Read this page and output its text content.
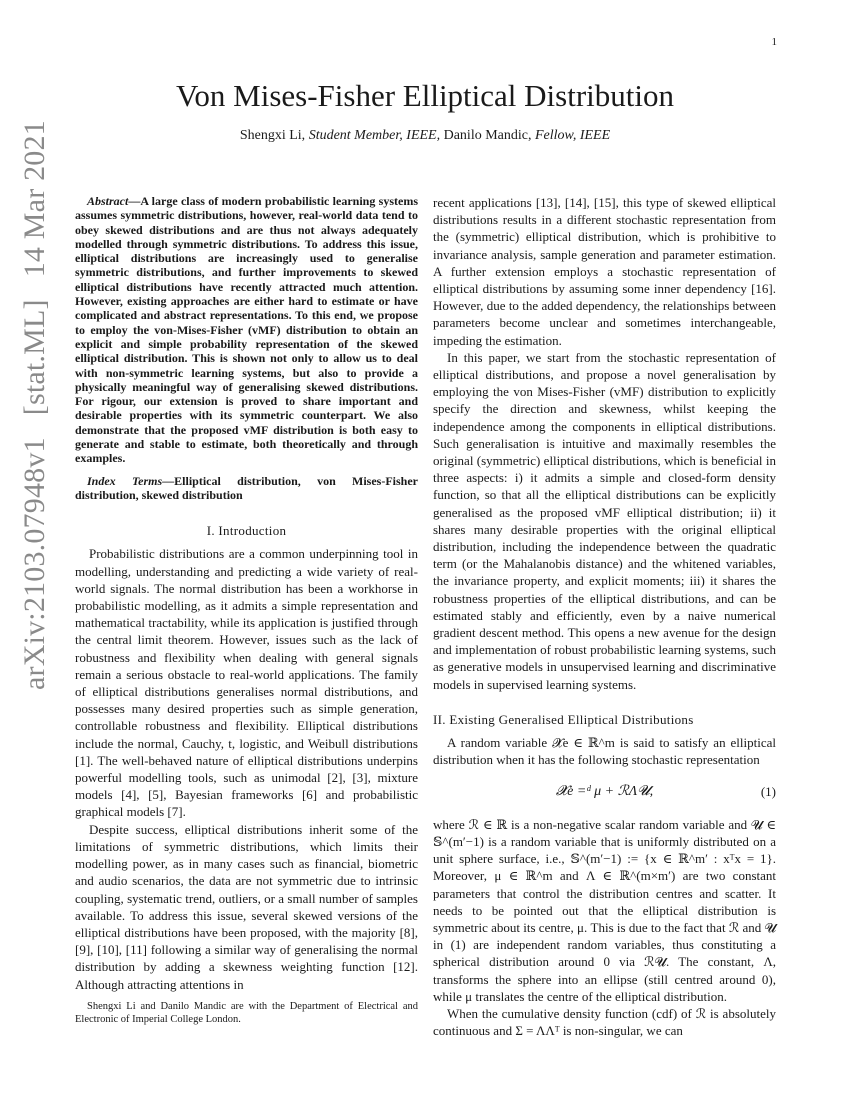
1
arXiv:2103.07948v1[stat.ML]14 Mar 2021
Von Mises-Fisher Elliptical Distribution
Shengxi Li, Student Member, IEEE, Danilo Mandic, Fellow, IEEE

Abstract—A large class of modern probabilistic learning systems assumes symmetric distributions, however, real-world data tend to obey skewed distributions and are thus not always adequately modelled through symmetric distributions. To address this issue, elliptical distributions are increasingly used to generalise symmetric distributions, and further improvements to skewed elliptical distributions have recently attracted much attention. However, existing approaches are either hard to estimate or have complicated and abstract representations. To this end, we propose to employ the von-Mises-Fisher (vMF) distribution to obtain an explicit and simple probability representation of the skewed elliptical distribution. This is shown not only to allow us to deal with non-symmetric learning systems, but also to provide a physically meaningful way of generalising skewed distributions. For rigour, our extension is proved to share important and desirable properties with its symmetric counterpart. We also demonstrate that the proposed vMF distribution is both easy to generate and stable to estimate, both theoretically and through examples.

Index Terms—Elliptical distribution, von Mises-Fisher distribution, skewed distribution

I. Introduction

Probabilistic distributions are a common underpinning tool in modelling, understanding and predicting a wide variety of real-world signals. The normal distribution has been a workhorse in probabilistic modelling, as it admits a simple representation and mathematical tractability, while its application is justified through the central limit theorem. However, issues such as the lack of robustness and flexibility when dealing with general signals remain a serious obstacle to real-world applications. The family of elliptical distributions generalises normal distributions, and possesses many desired properties such as simple generation, controllable robustness and flexibility. Elliptical distributions include the normal, Cauchy, t, logistic, and Weibull distributions [1]. The well-behaved nature of elliptical distributions underpins powerful modelling tools, such as unimodal [2], [3], mixture models [4], [5], Bayesian frameworks [6] and probabilistic graphical models [7].

Despite success, elliptical distributions inherit some of the limitations of symmetric distributions, which limits their modelling power, as in many cases such as financial, biometric and audio scenarios, the data are not symmetric due to intrinsic coupling, systematic trend, outliers, or a small number of samples available. To address this issue, several skewed versions of the elliptical distributions have been proposed, with the majority [8], [9], [10], [11] following a similar way of generalising the normal distribution by adding a skewness weighting function [12]. Although attracting attentions in

recent applications [13], [14], [15], this type of skewed elliptical distributions results in a different stochastic representation from the (symmetric) elliptical distribution, which is prohibitive to invariance analysis, sample generation and parameter estimation. A further extension employs a stochastic representation of elliptical distributions by assuming some inner dependency [16]. However, due to the added dependency, the relationships between parameters become unclear and sometimes interchangeable, impeding the estimation.

In this paper, we start from the stochastic representation of elliptical distributions, and propose a novel generalisation by employing the von Mises-Fisher (vMF) distribution to explicitly specify the direction and skewness, whilst keeping the independence among the components in elliptical distributions. Such generalisation is intuitive and maximally resembles the original (symmetric) elliptical distributions, which is beneficial in three aspects: i) it admits a simple and closed-form density function, so that all the elliptical distributions can be explicitly generalised as the proposed vMF elliptical distribution; ii) it shares many desirable properties with the original elliptical distribution, including the independence between the quadratic term (or the Mahalanobis distance) and the whitened variables, the invariance property, and explicit moments; iii) it shares the robustness properties of the elliptical distributions, and can be estimated stably and efficiently, even by a naive numerical gradient descent method. This opens a new avenue for the design and implementation of robust probabilistic learning systems, such as generative models in unsupervised learning and discriminative models in supervised learning systems.

II. Existing Generalised Elliptical Distributions

A random variable 𝓧e ∈ ℝ^m is said to satisfy an elliptical distribution when it has the following stochastic representation

𝓧e =ᵈ μ + ℛΛ𝓤,	(1)

where ℛ ∈ ℝ is a non-negative scalar random variable and 𝓤 ∈ 𝕊^(m′−1) is a random variable that is uniformly distributed on a unit sphere surface, i.e., 𝕊^(m′−1) := {x ∈ ℝ^m′ : xᵀx = 1}. Moreover, μ ∈ ℝ^m and Λ ∈ ℝ^(m×m′) are two constant parameters that control the distribution centres and scatter. It needs to be pointed out that the elliptical distribution is symmetric about its centre, μ. This is due to the fact that ℛ and 𝓤 in (1) are independent random variables, thus constituting a spherical distribution around 0 via ℛ𝓤. The constant, Λ, transforms the sphere into an ellipse (still centred around 0), while μ translates the centre of the elliptical distribution.

When the cumulative density function (cdf) of ℛ is absolutely continuous and Σ = ΛΛᵀ is non-singular, we can

Shengxi Li and Danilo Mandic are with the Department of Electrical and Electronic of Imperial College London.
